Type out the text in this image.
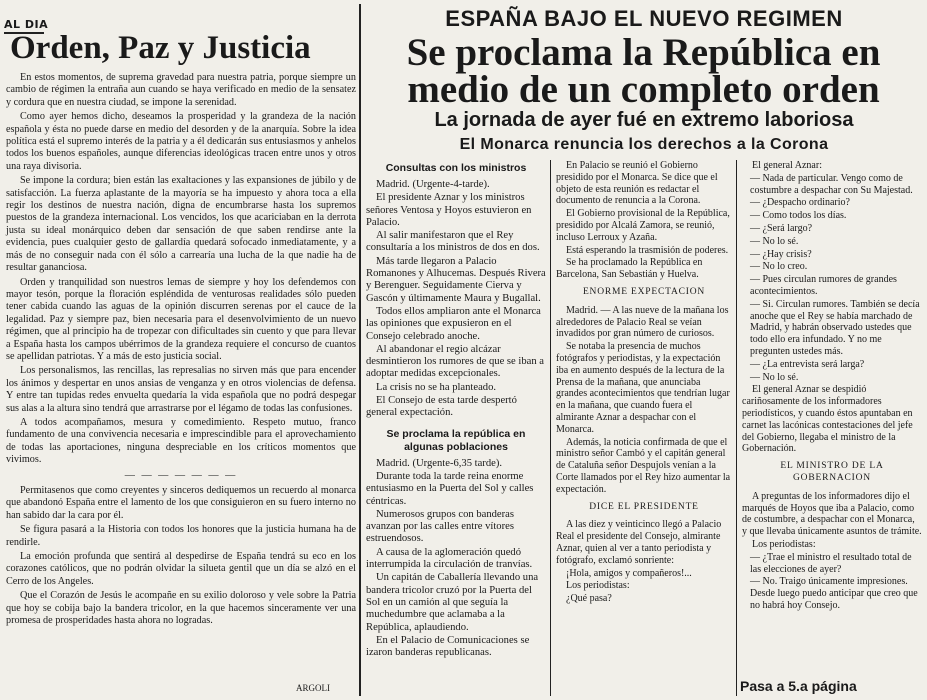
AL DIA
Orden, Paz y Justicia

En estos momentos, de suprema gravedad para nuestra patria, porque siempre un cambio de régimen la entraña aun cuando se haya verificado en medio de la sensatez y cordura que en nuestra ciudad, se impone la serenidad.

Como ayer hemos dicho, deseamos la prosperidad y la grandeza de la nación española y ésta no puede darse en medio del desorden y de la anarquía. Sobre la idea política está el supremo interés de la patria y a él dedicarán sus entusiasmos y anhelos todos los buenos españoles, aunque diferencias ideológicas tracen entre unos y otros una raya divisoria.

Se impone la cordura; bien están las exaltaciones y las expansiones de júbilo y de satisfacción. La fuerza aplastante de la mayoría se ha impuesto y ahora toca a ella regir los destinos de nuestra nación, digna de encumbrarse hasta los supremos puestos de la grandeza internacional. Los vencidos, los que acariciaban en la derrota justa su ideal monárquico deben dar sensación de que saben rendirse ante la evidencia, pues cualquier gesto de gallardía quedará sofocado inmediatamente, y a más de no conseguir nada con él sólo a carrearía una lucha de la que nadie ha de resultar gananciosa.

Orden y tranquilidad son nuestros lemas de siempre y hoy los defendemos con mayor tesón, porque la floración espléndida de venturosas realidades sólo pueden tener cabida cuando las aguas de la opinión discurren serenas por el cauce de la legalidad. Paz y siempre paz, bien necesaria para el desenvolvimiento de un nuevo régimen, que al principio ha de tropezar con dificultades sin cuento y que para llevar a España hasta los campos ubérrimos de la grandeza requiere el concurso de cuantos se apellidan patriotas. Y a más de esto justicia social.

Los personalismos, las rencillas, las represalias no sirven más que para encender los ánimos y despertar en unos ansias de venganza y en otros violencias de defensa. Y entre tan tupidas redes envuelta quedaría la vida española que no podrá despegar sus alas a la altura sino tendrá que arrastrarse por el légamo de todas las confusiones.

A todos acompañamos, mesura y comedimiento. Respeto mutuo, franco fundamento de una convivencia necesaria e imprescindible para el aprovechamiento de todas las aportaciones, ninguna despreciable en los críticos momentos que vivimos.

— — — — — — —

Permitasenos que como creyentes y sinceros dediquemos un recuerdo al monarca que abandonó España entre el lamento de los que consiguieron en su fuero interno no han sabido dar la cara por él.

Se figura pasará a la Historia con todos los honores que la justicia humana ha de rendirle.

La emoción profunda que sentirá al despedirse de España tendrá su eco en los corazones católicos, que no podrán olvidar la silueta gentil que un día se alzó en el Cerro de los Angeles.

Que el Corazón de Jesús le acompañe en su exilio doloroso y vele sobre la Patria que hoy se cobija bajo la bandera tricolor, en la que hacemos sinceramente ver una promesa de prosperidades hasta ahora no logradas.

ARGOLI
ESPAÑA BAJO EL NUEVO REGIMEN
Se proclama la República en medio de un completo orden
La jornada de ayer fué en extremo laboriosa
El Monarca renuncia los derechos a la Corona
Consultas con los ministros

Madrid. (Urgente-4-tarde).

El presidente Aznar y los ministros señores Ventosa y Hoyos estuvieron en Palacio.

Al salir manifestaron que el Rey consultaría a los ministros de dos en dos.

Más tarde llegaron a Palacio Romanones y Alhucemas. Después Rivera y Berenguer. Seguidamente Cierva y Gascón y últimamente Maura y Bugallal.

Todos ellos ampliaron ante el Monarca las opiniones que expusieron en el Consejo celebrado anoche.

Al abandonar el regio alcázar desmintieron los rumores de que se iban a adoptar medidas excepcionales.

La crisis no se ha planteado.

El Consejo de esta tarde despertó general expectación.

Se proclama la república en algunas poblaciones

Madrid. (Urgente-6,35 tarde).

Durante toda la tarde reina enorme entusiasmo en la Puerta del Sol y calles céntricas.

Numerosos grupos con banderas avanzan por las calles entre vítores estruendosos.

A causa de la aglomeración quedó interrumpida la circulación de tranvías.

Un capitán de Caballería llevando una bandera tricolor cruzó por la Puerta del Sol en un camión al que seguía la muchedumbre que aclamaba a la República, aplaudiendo.

En el Palacio de Comunicaciones se izaron banderas republicanas.

En Palacio se reunió el Gobierno presidido por el Monarca. Se dice que el objeto de esta reunión es redactar el documento de renuncia a la Corona.

El Gobierno provisional de la República, presidido por Alcalá Zamora, se reunió, incluso Lerroux y Azaña.

Está esperando la trasmisión de poderes.

Se ha proclamado la República en Barcelona, San Sebastián y Huelva.

ENORME EXPECTACION

Madrid. — A las nueve de la mañana los alrededores de Palacio Real se veían invadidos por gran número de curiosos.

Se notaba la presencia de muchos fotógrafos y periodistas, y la expectación iba en aumento después de la lectura de la Prensa de la mañana, que anunciaba grandes acontecimientos que tendrían lugar en la mañana, que cuando fuera el almirante Aznar a despachar con el Monarca.

Además, la noticia confirmada de que el ministro señor Cambó y el capitán general de Cataluña señor Despujols venían a la Corte llamados por el Rey hizo aumentar la expectación.

DICE EL PRESIDENTE

A las diez y veinticinco llegó a Palacio Real el presidente del Consejo, almirante Aznar, quien al ver a tanto periodista y fotógrafo, exclamó sonriente:

¡Hola, amigos y compañeros!...

Los periodistas:

¿Qué pasa?

El general Aznar:

— Nada de particular. Vengo como de costumbre a despachar con Su Majestad.

— ¿Despacho ordinario?

— Como todos los días.

— ¿Será largo?

— No lo sé.

— ¿Hay crisis?

— No lo creo.

— Pues circulan rumores de grandes acontecimientos.

— Si. Circulan rumores. También se decía anoche que el Rey se había marchado de Madrid, y habrán observado ustedes que todo ello era infundado. Y no me pregunten ustedes más.

— ¿La entrevista será larga?

— No lo sé.

El general Aznar se despidió cariñosamente de los informadores periodísticos, y cuando éstos apuntaban en carnet las lacónicas contestaciones del jefe del Gobierno, llegaba el ministro de la Gobernación.

EL MINISTRO DE LA GOBERNACION

A preguntas de los informadores dijo el marqués de Hoyos que iba a Palacio, como de costumbre, a despachar con el Monarca, y que llevaba únicamente asuntos de trámite.

Los periodistas:

— ¿Trae el ministro el resultado total de las elecciones de ayer?

— No. Traigo únicamente impresiones. Desde luego puedo anticipar que creo que no habrá hoy Consejo.

Pasa a 5.a página
